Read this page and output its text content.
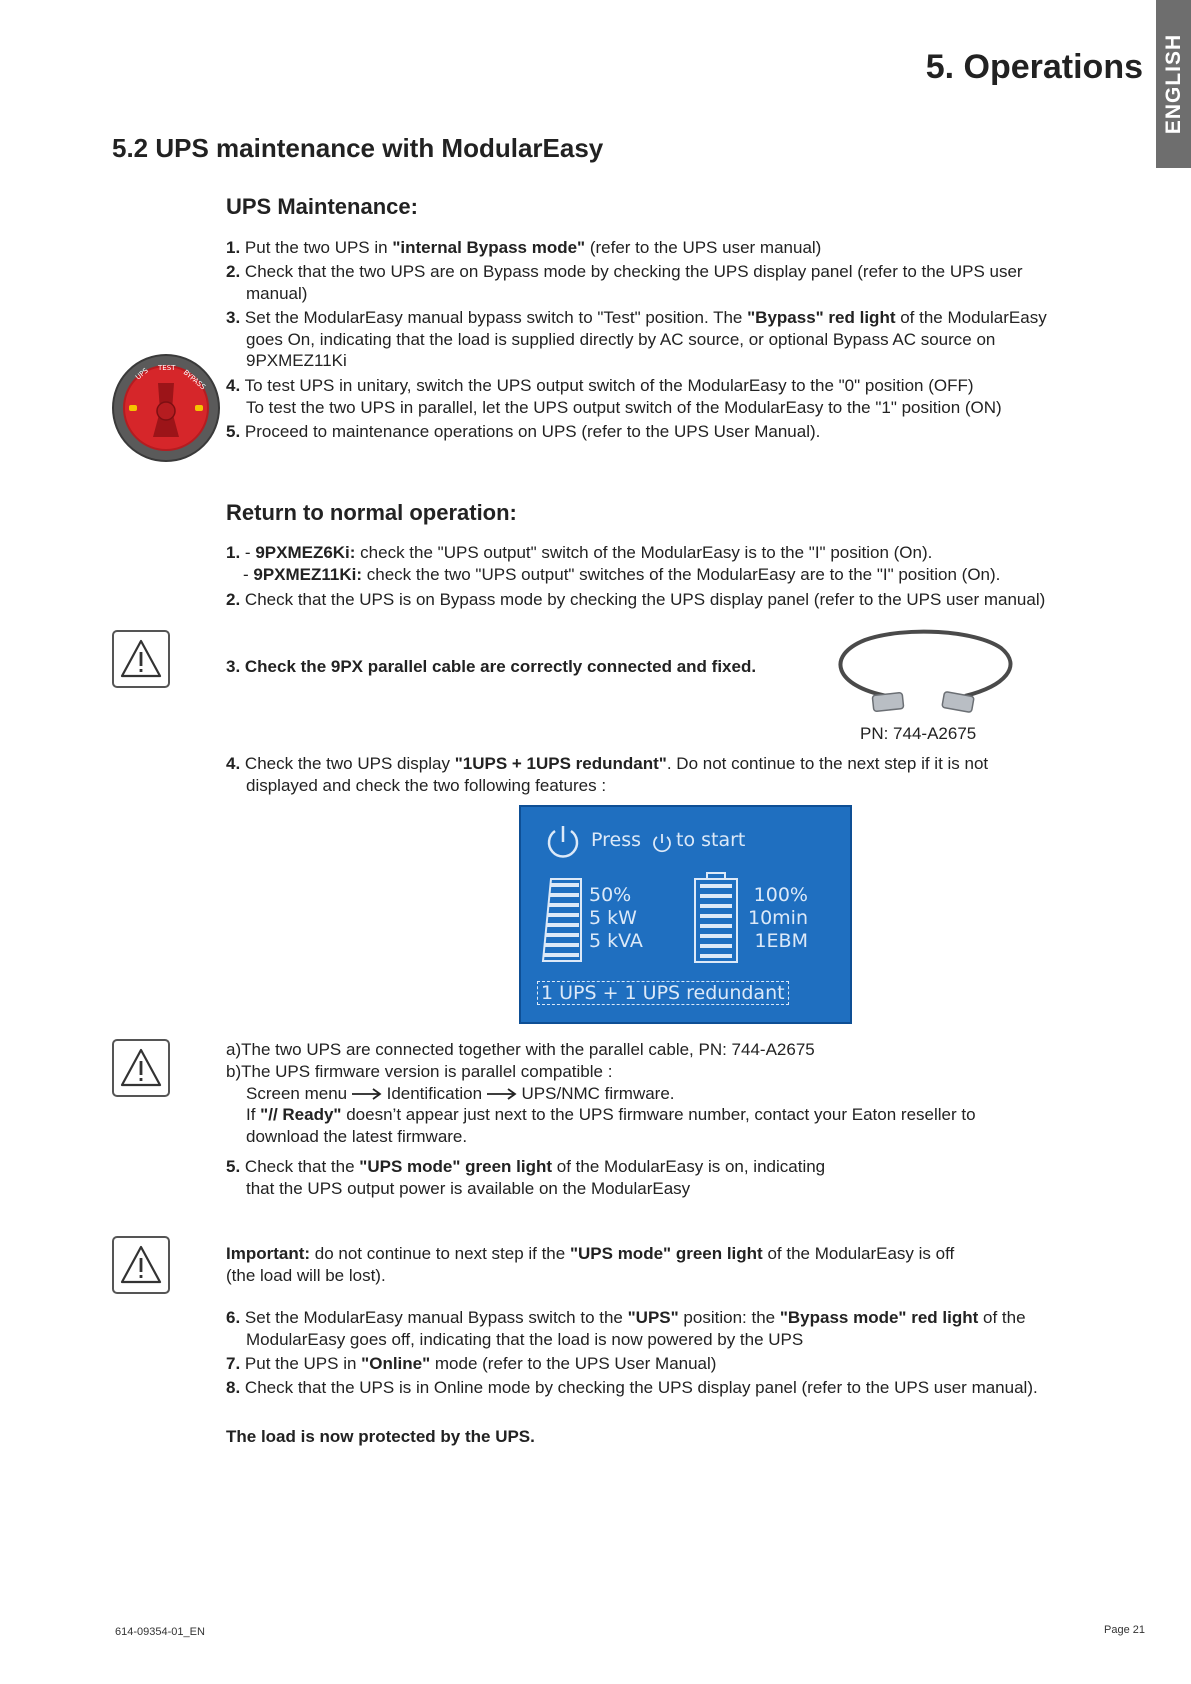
ENGLISH
5. Operations
5.2 UPS maintenance with ModularEasy
UPS Maintenance:
1. Put the two UPS in "internal Bypass mode" (refer to the UPS user manual)
2. Check that the two UPS are on Bypass mode by checking the UPS display panel (refer to the UPS user
manual)
3. Set the ModularEasy manual bypass switch to "Test" position. The "Bypass" red light of the ModularEasy
goes On, indicating that the load is supplied directly by AC source, or optional Bypass AC source on
9PXMEZ11Ki
4. To test UPS in unitary, switch the UPS output switch of the ModularEasy to the "0" position (OFF)
To test the two UPS in parallel, let the UPS output switch of the ModularEasy to the "1" position (ON)
5. Proceed to maintenance operations on UPS (refer to the UPS User Manual).
UPS TEST
BYPASS
Return to normal operation:
1. - 9PXMEZ6Ki: check the "UPS output" switch of the ModularEasy is to the "I" position (On).
- 9PXMEZ11Ki: check the two "UPS output" switches of the ModularEasy are to the "I" position (On).
2. Check that the UPS is on Bypass mode by checking the UPS display panel (refer to the UPS user manual)
3. Check the 9PX parallel cable are correctly connected and fixed.
PN: 744-A2675
4. Check the two UPS display "1UPS + 1UPS redundant". Do not continue to the next step if it is not
displayed and check the two following features :
Press to start
50%
5 kW
5 kVA
100%
10min
1EBM
1 UPS + 1 UPS redundant
a)The two UPS are connected together with the parallel cable, PN: 744-A2675
b)The UPS firmware version is parallel compatible :
Screen menu Identification UPS/NMC firmware.
If "// Ready" doesn’t appear just next to the UPS firmware number, contact your Eaton reseller to
download the latest firmware.
5. Check that the "UPS mode" green light of the ModularEasy is on, indicating
that the UPS output power is available on the ModularEasy
Important: do not continue to next step if the "UPS mode" green light of the ModularEasy is off
(the load will be lost).
6. Set the ModularEasy manual Bypass switch to the "UPS" position: the "Bypass mode" red light of the
ModularEasy goes off, indicating that the load is now powered by the UPS
7. Put the UPS in "Online" mode (refer to the UPS User Manual)
8. Check that the UPS is in Online mode by checking the UPS display panel (refer to the UPS user manual).
The load is now protected by the UPS.
614-09354-01_EN	Page 21
